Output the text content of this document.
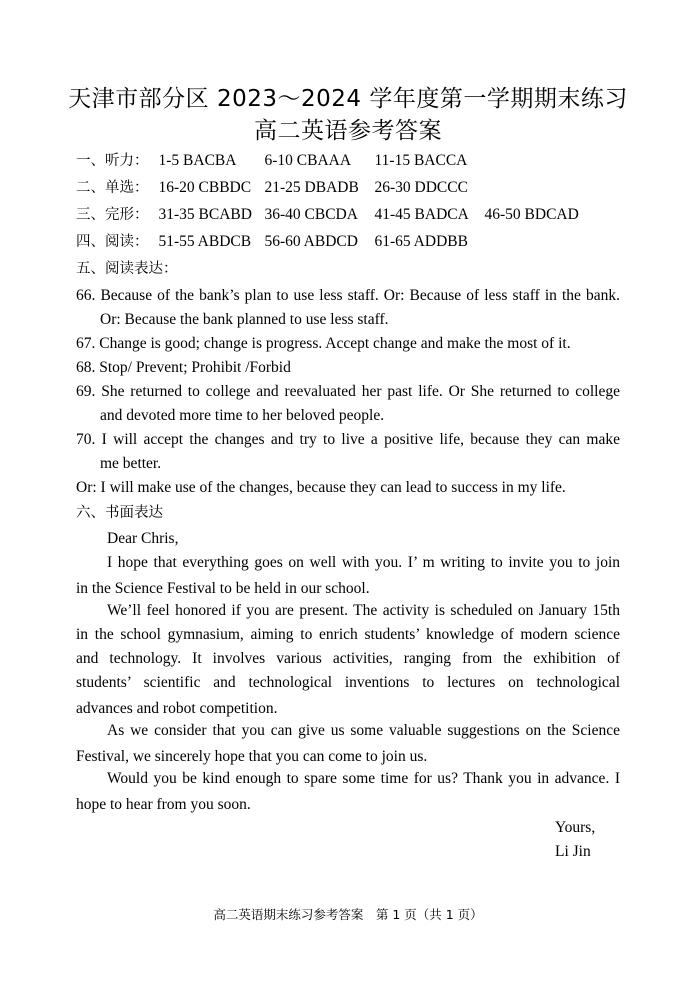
天津市部分区 2023～2024 学年度第一学期期末练习
高二英语参考答案
一、听力： 1-5 BACBA 6-10 CBAAA 11-15 BACCA
二、单选： 16-20 CBBDC 21-25 DBADB 26-30 DDCCC
三、完形： 31-35 BCABD 36-40 CBCDA 41-45 BADCA 46-50 BDCAD
四、阅读： 51-55 ABDCB 56-60 ABDCD 61-65 ADDBB
五、阅读表达：
66. Because of the bank’s plan to use less staff. Or: Because of less staff in the bank.
Or: Because the bank planned to use less staff.
67. Change is good; change is progress. Accept change and make the most of it.
68. Stop/ Prevent; Prohibit /Forbid
69. She returned to college and reevaluated her past life. Or She returned to college
and devoted more time to her beloved people.
70. I will accept the changes and try to live a positive life, because they can make
me better.
Or: I will make use of the changes, because they can lead to success in my life.
六、书面表达
Dear Chris,
I hope that everything goes on well with you. I’ m writing to invite you to join
in the Science Festival to be held in our school.
We’ll feel honored if you are present. The activity is scheduled on January 15th
in the school gymnasium, aiming to enrich students’ knowledge of modern science
and technology. It involves various activities, ranging from the exhibition of
students’ scientific and technological inventions to lectures on technological
advances and robot competition.
As we consider that you can give us some valuable suggestions on the Science
Festival, we sincerely hope that you can come to join us.
Would you be kind enough to spare some time for us? Thank you in advance. I
hope to hear from you soon.
Yours,
Li Jin
高二英语期末练习参考答案　第 1 页（共 1 页）
